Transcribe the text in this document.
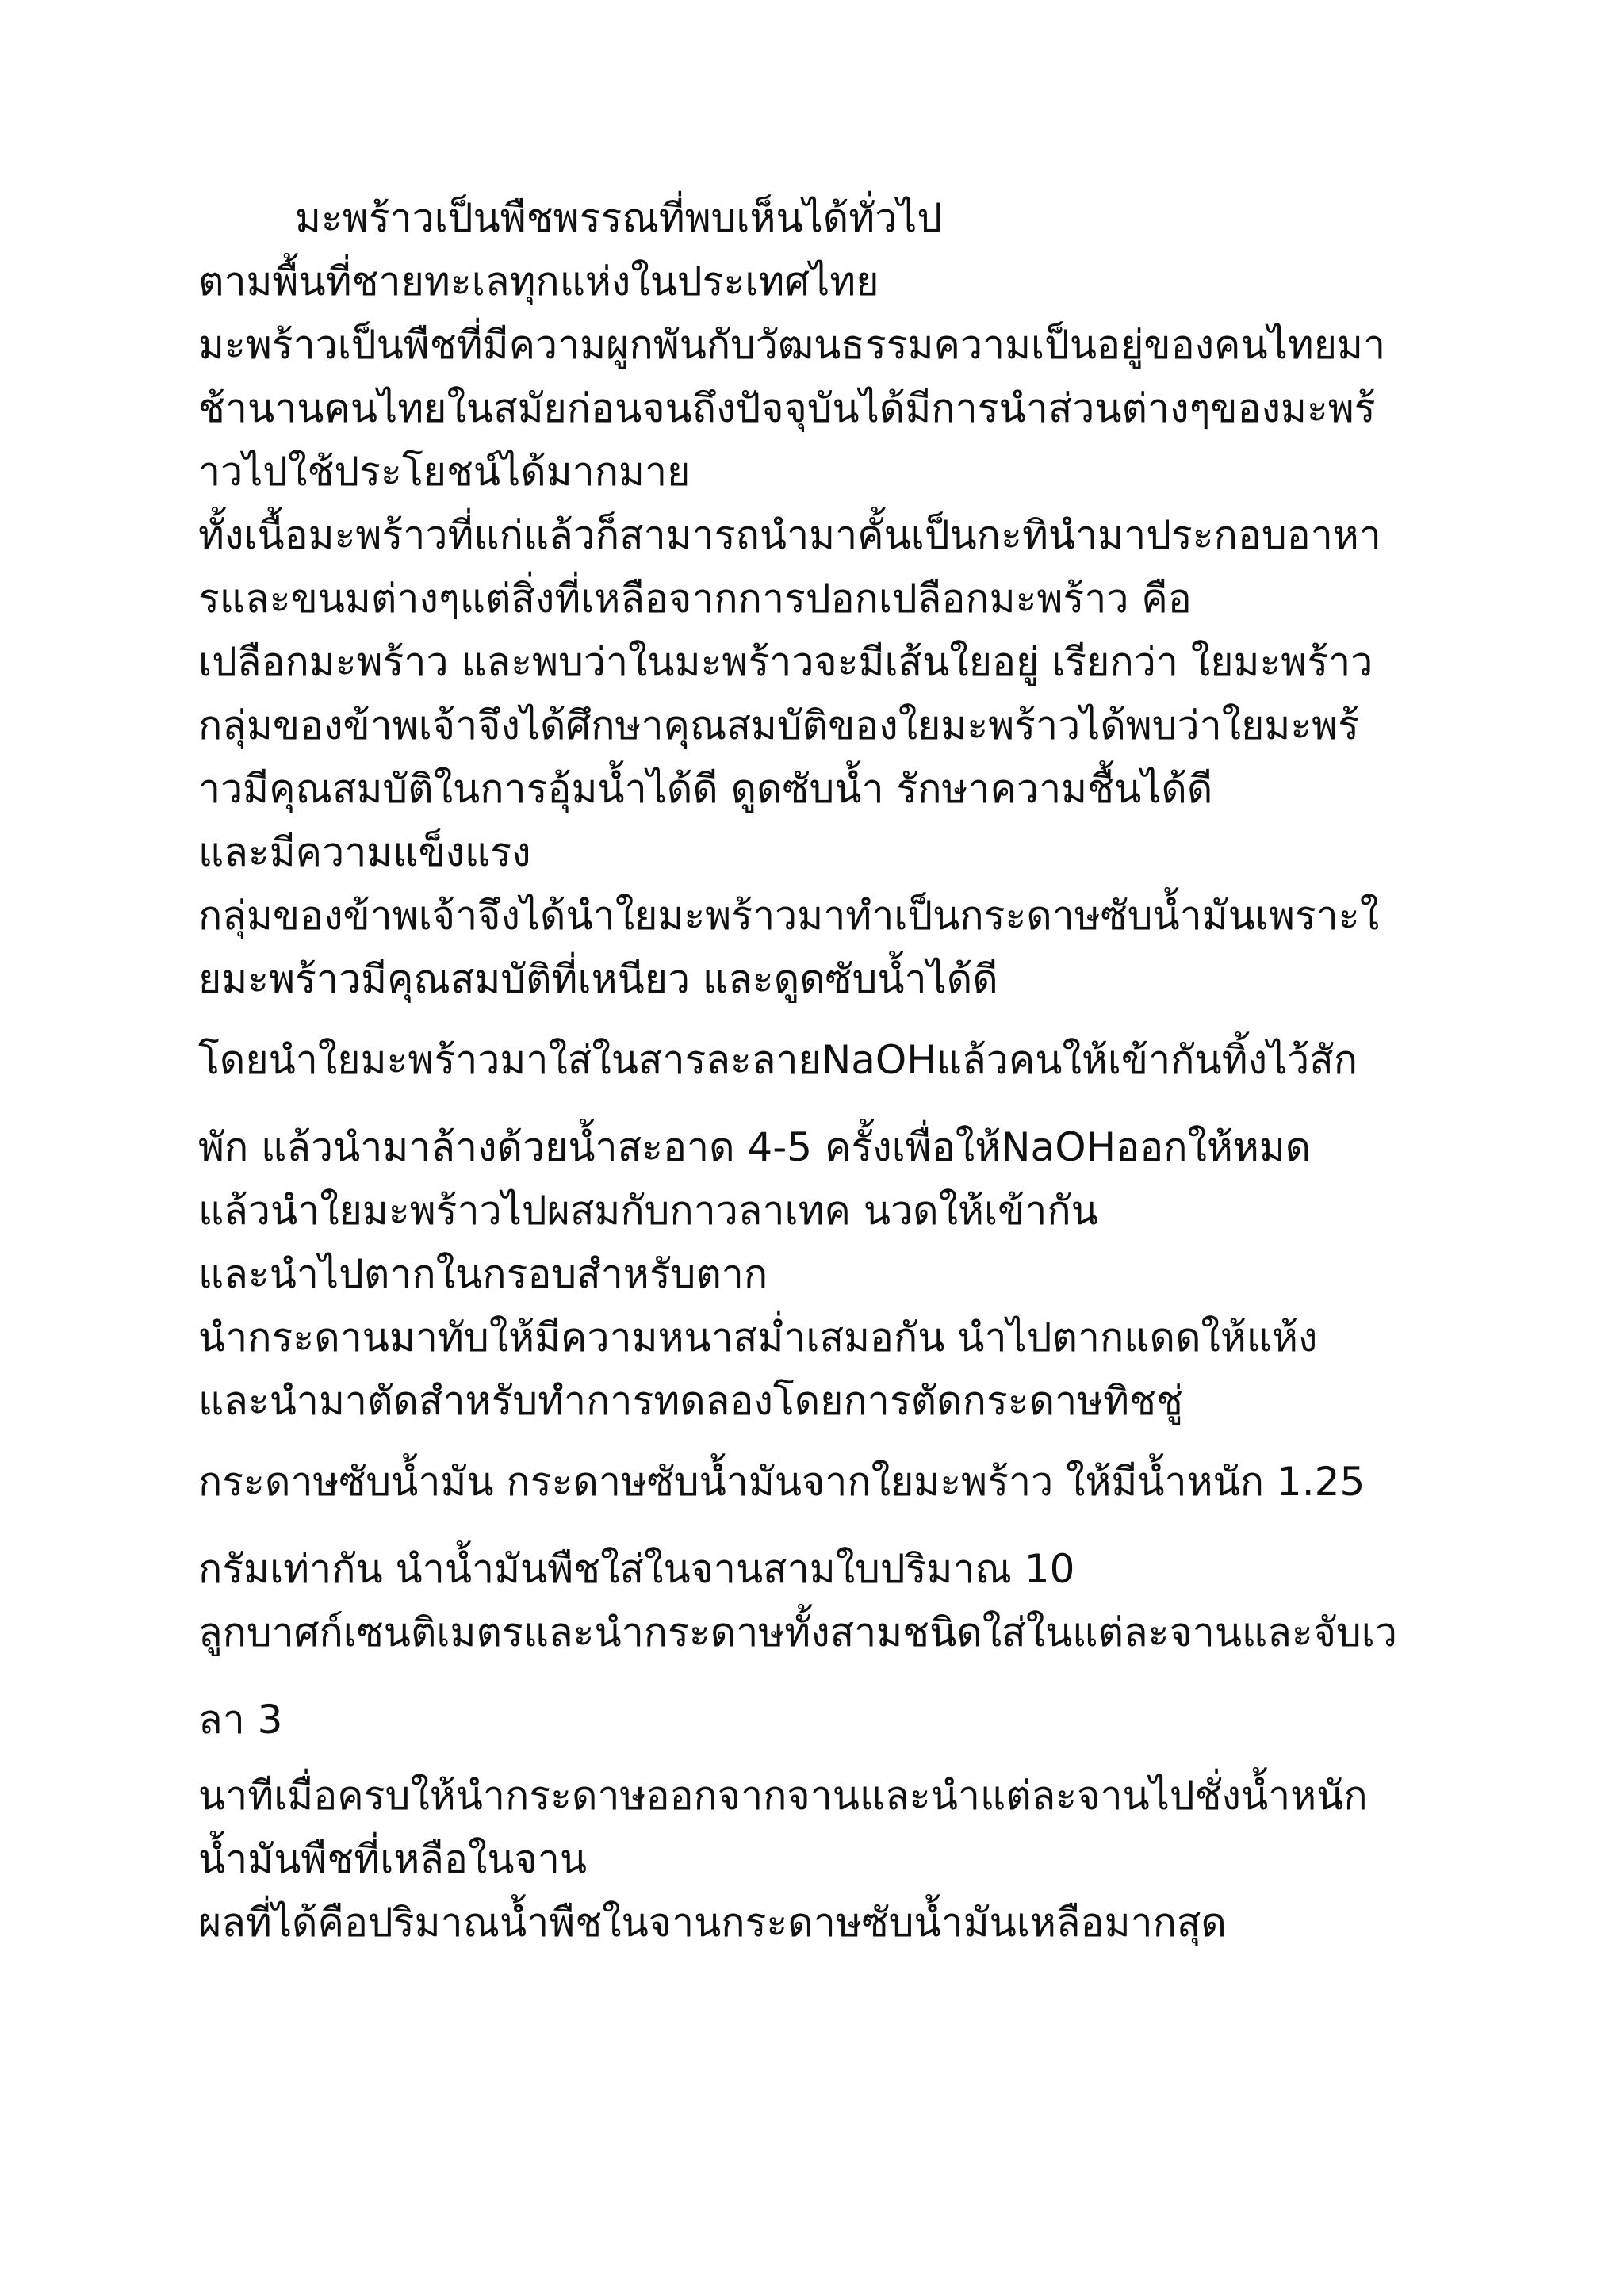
มะพร้าวเป็นพืชพรรณที่พบเห็นได้ทั่วไป
ตามพื้นที่ชายทะเลทุกแห่งในประเทศไทย
มะพร้าวเป็นพืชที่มีความผูกพันกับวัฒนธรรมความเป็นอยู่ของคนไทยมา
ช้านานคนไทยในสมัยก่อนจนถึงปัจจุบันได้มีการนำส่วนต่างๆของมะพร้
าวไปใช้ประโยชน์ได้มากมาย
ทั้งเนื้อมะพร้าวที่แก่แล้วก็สามารถนำมาคั้นเป็นกะทินำมาประกอบอาหา
รและขนมต่างๆแต่สิ่งที่เหลือจากการปอกเปลือกมะพร้าว คือ
เปลือกมะพร้าว และพบว่าในมะพร้าวจะมีเส้นใยอยู่ เรียกว่า ใยมะพร้าว
กลุ่มของข้าพเจ้าจึงได้ศึกษาคุณสมบัติของใยมะพร้าวได้พบว่าใยมะพร้
าวมีคุณสมบัติในการอุ้มน้ำได้ดี ดูดซับน้ำ รักษาความชื้นได้ดี
และมีความแข็งแรง
กลุ่มของข้าพเจ้าจึงได้นำใยมะพร้าวมาทำเป็นกระดาษซับน้ำมันเพราะใ
ยมะพร้าวมีคุณสมบัติที่เหนียว และดูดซับน้ำได้ดี
โดยนำใยมะพร้าวมาใส่ในสารละลายNaOHแล้วคนให้เข้ากันทิ้งไว้สัก
พัก แล้วนำมาล้างด้วยน้ำสะอาด 4-5 ครั้งเพื่อให้NaOHออกให้หมด
แล้วนำใยมะพร้าวไปผสมกับกาวลาเทค นวดให้เข้ากัน
และนำไปตากในกรอบสำหรับตาก
นำกระดานมาทับให้มีความหนาสม่ำเสมอกัน นำไปตากแดดให้แห้ง
และนำมาตัดสำหรับทำการทดลองโดยการตัดกระดาษทิชชู่
กระดาษซับน้ำมัน กระดาษซับน้ำมันจากใยมะพร้าว ให้มีน้ำหนัก 1.25
กรัมเท่ากัน นำน้ำมันพืชใส่ในจานสามใบปริมาณ 10
ลูกบาศก์เซนติเมตรและนำกระดาษทั้งสามชนิดใส่ในแต่ละจานและจับเว
ลา 3
นาทีเมื่อครบให้นำกระดาษออกจากจานและนำแต่ละจานไปชั่งน้ำหนัก
น้ำมันพืชที่เหลือในจาน
ผลที่ได้คือปริมาณน้ำพืชในจานกระดาษซับน้ำมันเหลือมากสุด
